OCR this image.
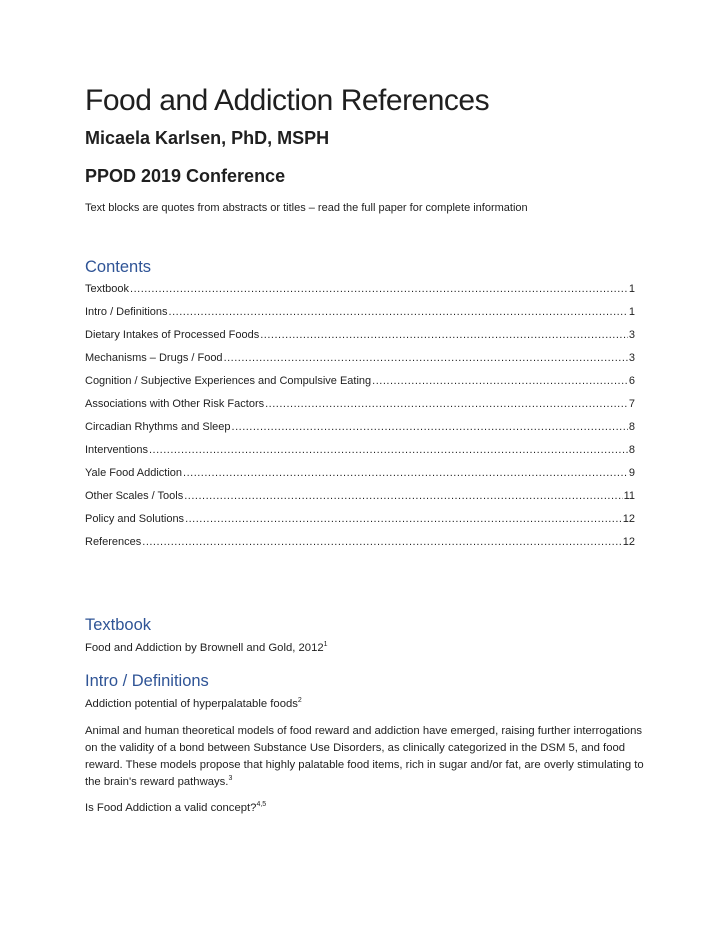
Food and Addiction References
Micaela Karlsen, PhD, MSPH
PPOD 2019 Conference
Text blocks are quotes from abstracts or titles – read the full paper for complete information
Contents
Textbook .....	1
Intro / Definitions .....	1
Dietary Intakes of Processed Foods .....	3
Mechanisms – Drugs / Food .....	3
Cognition / Subjective Experiences and Compulsive Eating .....	6
Associations with Other Risk Factors .....	7
Circadian Rhythms and Sleep .....	8
Interventions .....	8
Yale Food Addiction .....	9
Other Scales / Tools .....	11
Policy and Solutions .....	12
References .....	12
Textbook

Food and Addiction by Brownell and Gold, 2012$^1$

Intro / Definitions

Addiction potential of hyperpalatable foods$^2$

Animal and human theoretical models of food reward and addiction have emerged, raising further interrogations on the validity of a bond between Substance Use Disorders, as clinically categorized in the DSM 5, and food reward. These models propose that highly palatable food items, rich in sugar and/or fat, are overly stimulating to the brain's reward pathways.$^3$

Is Food Addiction a valid concept?$^{4,5}$
